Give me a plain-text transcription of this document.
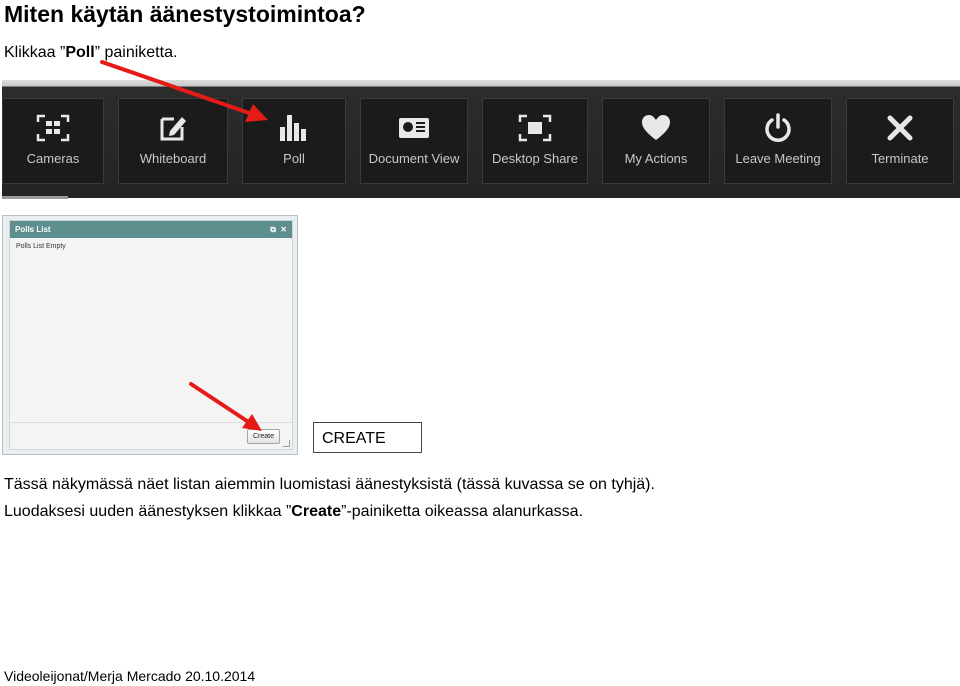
Miten käytän äänestystoimintoa?
Klikkaa ”Poll” painiketta.
Cameras	Whiteboard	Poll	Document View	Desktop Share	My Actions	Leave Meeting	Terminate
Polls List	⧉ ✕
Polls List Empty
Create	CREATE
Tässä näkymässä näet listan aiemmin luomistasi äänestyksistä (tässä kuvassa se on tyhjä).
Luodaksesi uuden äänestyksen klikkaa ”Create”-painiketta oikeassa alanurkassa.
Videoleijonat/Merja Mercado 20.10.2014
